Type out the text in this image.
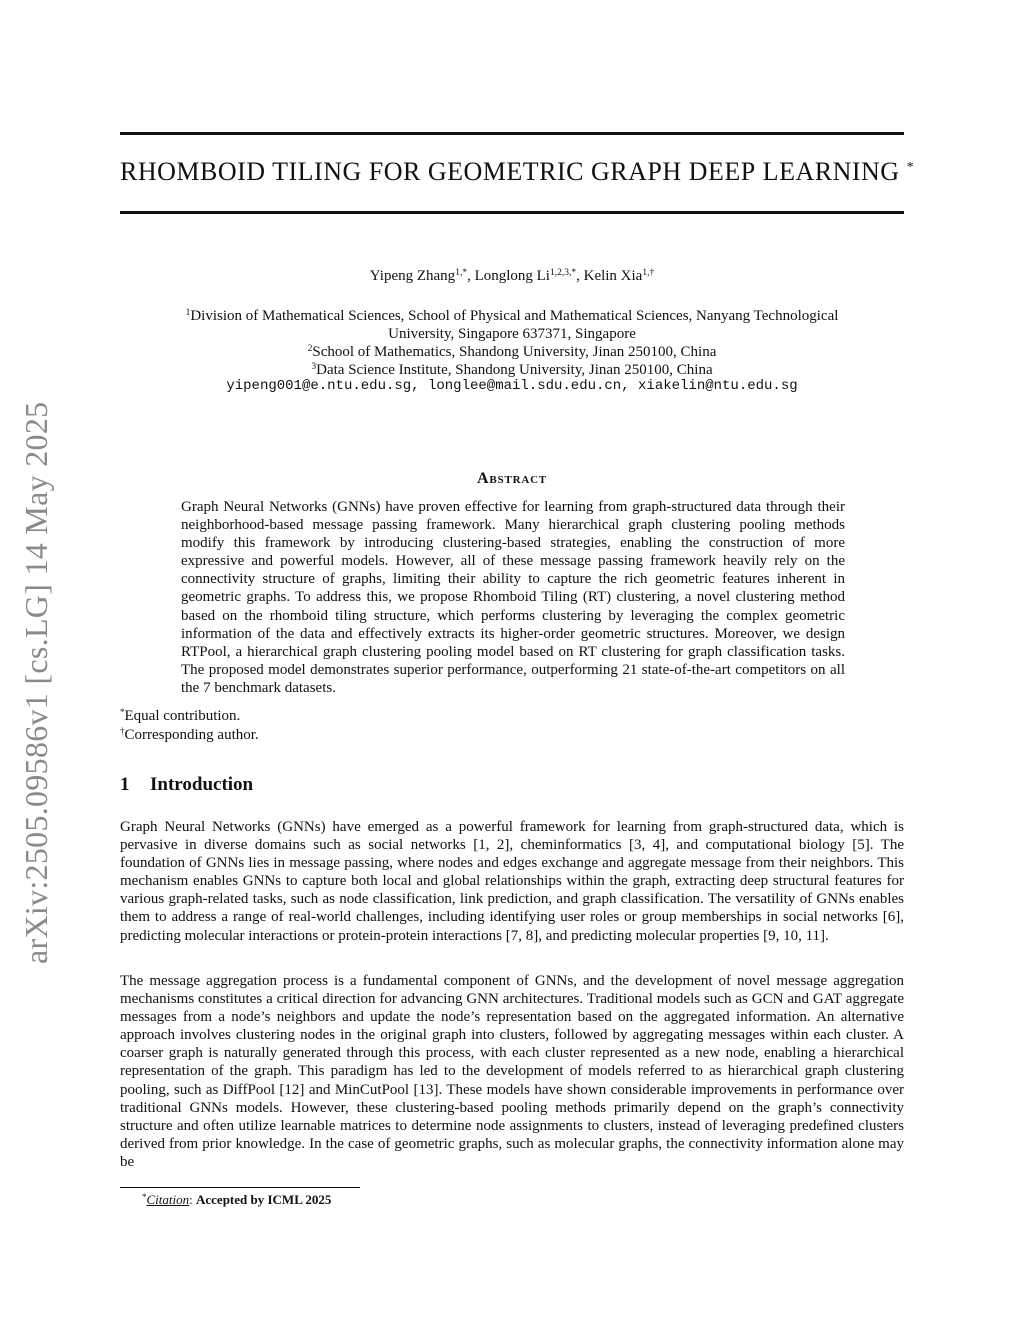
arXiv:2505.09586v1 [cs.LG] 14 May 2025
RHOMBOID TILING FOR GEOMETRIC GRAPH DEEP LEARNING *
Yipeng Zhang$^{1,*}$, Longlong $Li^{1,2,3,*}$, Kelin Xia$^{1,\dagger}$
$^1$Division of Mathematical Sciences, School of Physical and Mathematical Sciences, Nanyang Technological
University, Singapore 637371, Singapore
$^2$School of Mathematics, Shandong University, Jinan 250100, China
$^3$Data Science Institute, Shandong University, Jinan 250100, China
yipeng001@e.ntu.edu.sg, longlee@mail.sdu.edu.cn, xiakelin@ntu.edu.sg
Abstract
Graph Neural Networks (GNNs) have proven effective for learning from graph-structured data through their neighborhood-based message passing framework. Many hierarchical graph clustering pooling methods modify this framework by introducing clustering-based strategies, enabling the construction of more expressive and powerful models. However, all of these message passing framework heavily rely on the connectivity structure of graphs, limiting their ability to capture the rich geometric features inherent in geometric graphs. To address this, we propose Rhomboid Tiling (RT) clustering, a novel clustering method based on the rhomboid tiling structure, which performs clustering by leveraging the complex geometric information of the data and effectively extracts its higher-order geometric structures. Moreover, we design RTPool, a hierarchical graph clustering pooling model based on RT clustering for graph classification tasks. The proposed model demonstrates superior performance, outperforming 21 state-of-the-art competitors on all the 7 benchmark datasets.
*Equal contribution.
†Corresponding author.
1 Introduction
Graph Neural Networks (GNNs) have emerged as a powerful framework for learning from graph-structured data, which is pervasive in diverse domains such as social networks [1, 2], cheminformatics [3, 4], and computational biology [5]. The foundation of GNNs lies in message passing, where nodes and edges exchange and aggregate message from their neighbors. This mechanism enables GNNs to capture both local and global relationships within the graph, extracting deep structural features for various graph-related tasks, such as node classification, link prediction, and graph classification. The versatility of GNNs enables them to address a range of real-world challenges, including identifying user roles or group memberships in social networks [6], predicting molecular interactions or protein-protein interactions [7, 8], and predicting molecular properties [9, 10, 11].
The message aggregation process is a fundamental component of GNNs, and the development of novel message aggregation mechanisms constitutes a critical direction for advancing GNN architectures. Traditional models such as GCN and GAT aggregate messages from a node’s neighbors and update the node’s representation based on the aggregated information. An alternative approach involves clustering nodes in the original graph into clusters, followed by aggregating messages within each cluster. A coarser graph is naturally generated through this process, with each cluster represented as a new node, enabling a hierarchical representation of the graph. This paradigm has led to the development of models referred to as hierarchical graph clustering pooling, such as DiffPool [12] and MinCutPool [13]. These models have shown considerable improvements in performance over traditional GNNs models. However, these clustering-based pooling methods primarily depend on the graph’s connectivity structure and often utilize learnable matrices to determine node assignments to clusters, instead of leveraging predefined clusters derived from prior knowledge. In the case of geometric graphs, such as molecular graphs, the connectivity information alone may be
*Citation: Accepted by ICML 2025
